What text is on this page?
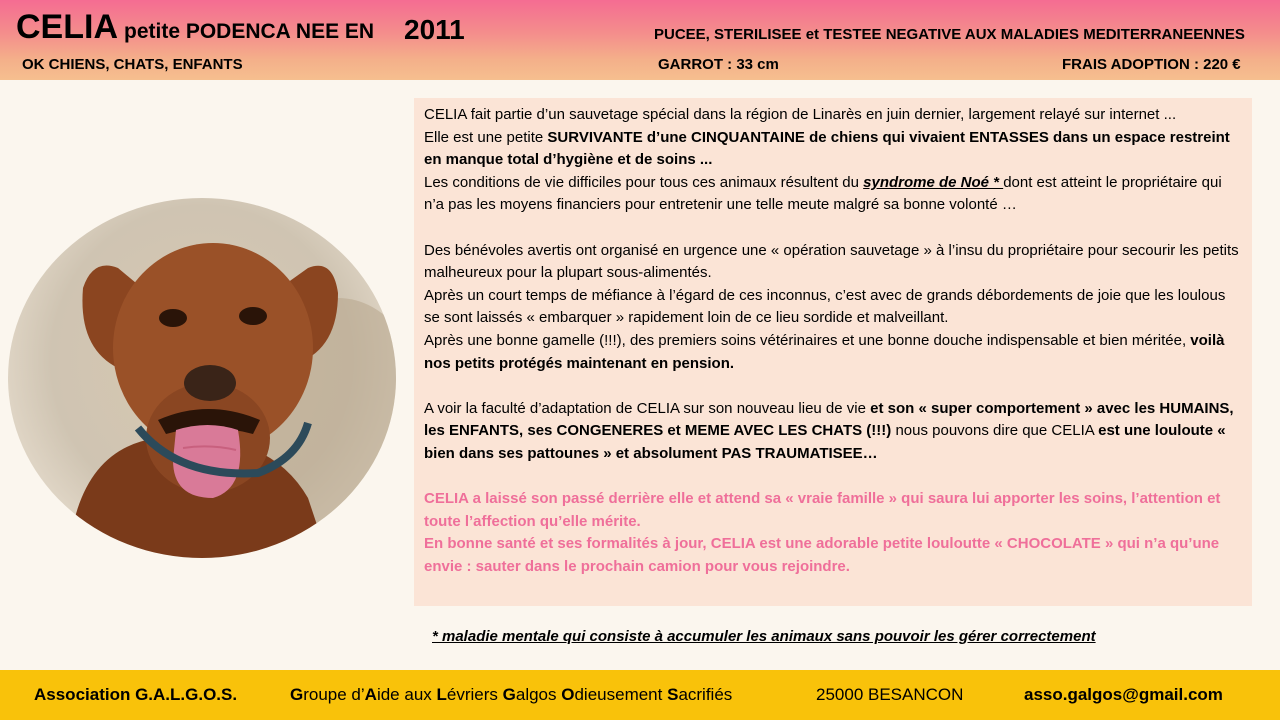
CELIA petite PODENCA NEE EN 2011	PUCEE, STERILISEE et TESTEE NEGATIVE AUX MALADIES MEDITERRANEENNES
OK CHIENS, CHATS, ENFANTS	GARROT : 33 cm	FRAIS ADOPTION : 220 €

CELIA fait partie d’un sauvetage spécial dans la région de Linarès en juin dernier, largement relayé sur internet ...

Elle est une petite SURVIVANTE d’une CINQUANTAINE de chiens qui vivaient ENTASSES dans un espace restreint en manque total d’hygiène et de soins ...

Les conditions de vie difficiles pour tous ces animaux résultent du syndrome de Noé * dont est atteint le propriétaire qui n’a pas les moyens financiers pour entretenir une telle meute malgré sa bonne volonté …

Des bénévoles avertis ont organisé en urgence une « opération sauvetage » à l’insu du propriétaire pour secourir les petits malheureux pour la plupart sous-alimentés.

Après un court temps de méfiance à l’égard de ces inconnus, c’est avec de grands débordements de joie que les loulous se sont laissés « embarquer » rapidement loin de ce lieu sordide et malveillant.

Après une bonne gamelle (!!!), des premiers soins vétérinaires et une bonne douche indispensable et bien méritée, voilà nos petits protégés maintenant en pension.

A voir la faculté d’adaptation de CELIA sur son nouveau lieu de vie et son « super comportement » avec les HUMAINS, les ENFANTS, ses CONGENERES et MEME AVEC LES CHATS (!!!) nous pouvons dire que CELIA est une louloute « bien dans ses pattounes » et absolument PAS TRAUMATISEE…

CELIA a laissé son passé derrière elle et attend sa « vraie famille » qui saura lui apporter les soins, l’attention et toute l’affection qu’elle mérite.

En bonne santé et ses formalités à jour, CELIA est une adorable petite louloutte « CHOCOLATE » qui n’a qu’une envie : sauter dans le prochain camion pour vous rejoindre.

* maladie mentale qui consiste à accumuler les animaux sans pouvoir les gérer correctement
Association G.A.L.G.O.S.	Groupe d’Aide aux Lévriers Galgos Odieusement Sacrifiés	25000 BESANCON	asso.galgos@gmail.com
